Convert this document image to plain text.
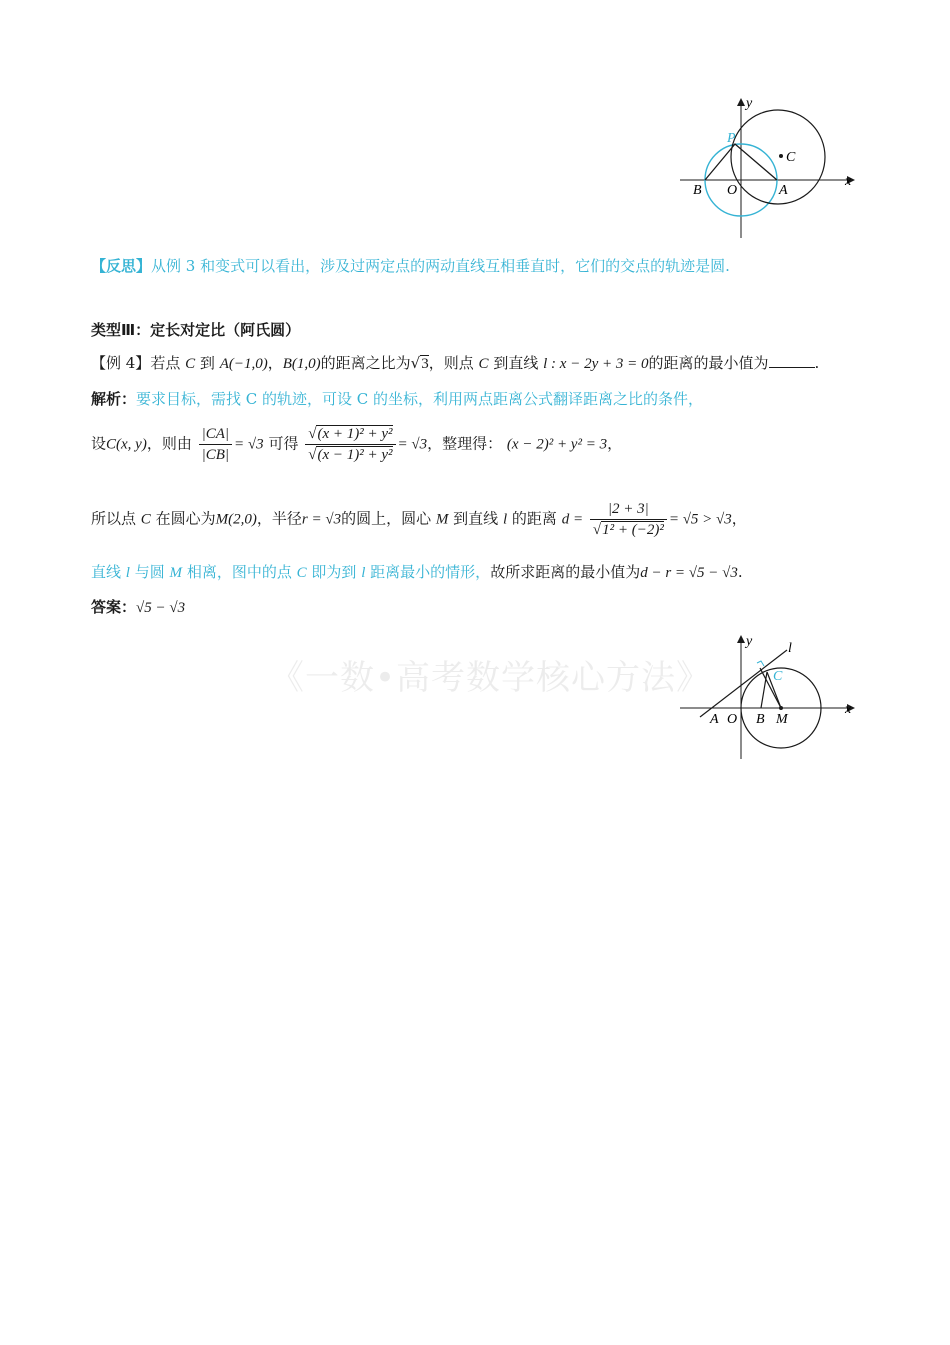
y
x
P
C
B O	A
【反思】从例 3 和变式可以看出，涉及过两定点的两动直线互相垂直时，它们的交点的轨迹是圆.
类型Ⅲ：定长对定比（阿氏圆）
【例 4】若点 C 到 A(−1,0)，B(1,0)的距离之比为√3，则点 C 到直线 l : x − 2y + 3 = 0的距离的最小值为	.
解析：要求目标，需找 C 的轨迹，可设 C 的坐标，利用两点距离公式翻译距离之比的条件，
设C(x, y)，则由 $\frac{|CA|}{|CB|} = √3$ 可得 $\frac{\text{√(x + 1)² + y²}}{\text{√(x − 1)² + y²}} = √3$，整理得： (x − 2)² + y² = 3，
所以点 C 在圆心为M(2,0)，半径r = √3的圆上，圆心 M 到直线 l 的距离 $d = \frac{|2 + 3|}{\text{√1² + (−2)²}} = √5 > √3$，
直线 l 与圆 M 相离，图中的点 C 即为到 l 距离最小的情形，故所求距离的最小值为d − r = √5 − √3.
答案：√5 − √3
《一数•高考数学核心方法》
y
x
l
C
A O B M
